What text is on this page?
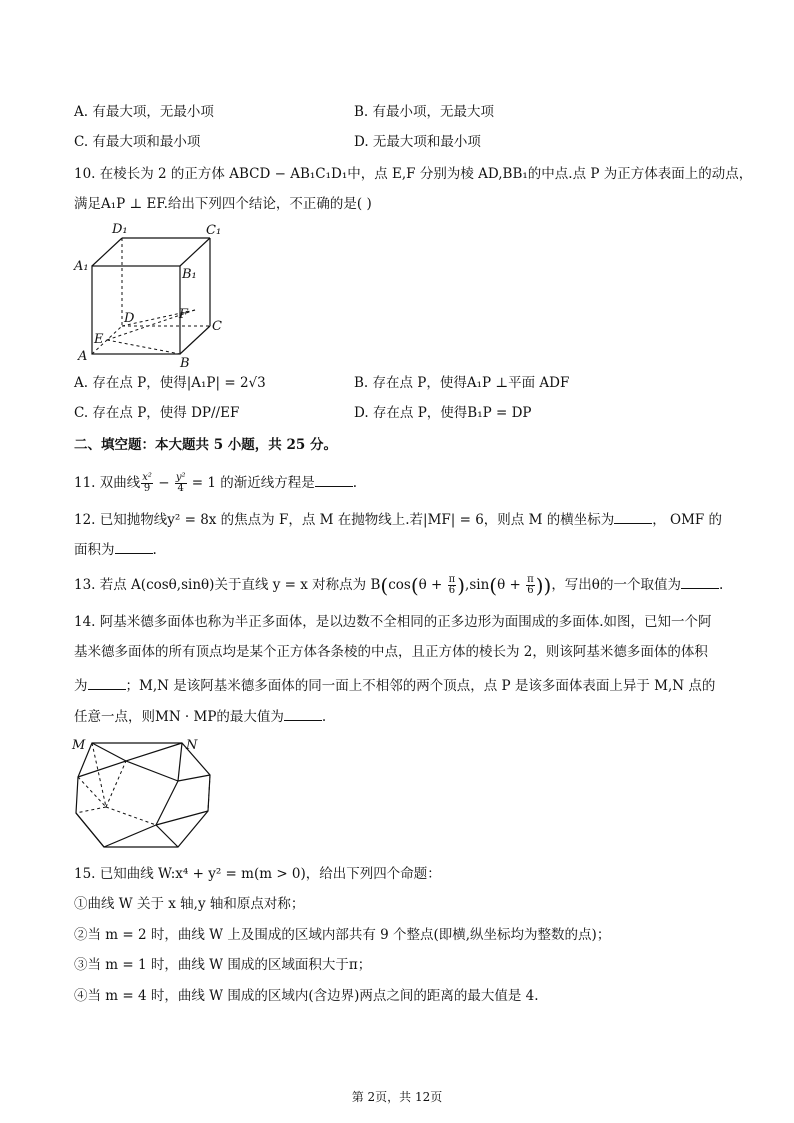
A. 有最大项，无最小项	B. 有最小项，无最大项
C. 有最大项和最小项	D. 无最大项和最小项
10. 在棱长为 2 的正方体 ABCD − AB₁C₁D₁中，点 E,F 分别为棱 AD,BB₁的中点.点 P 为正方体表面上的动点，
满足A₁P ⊥ EF.给出下列四个结论，不正确的是( )
D₁	C₁
A₁
B₁
D	F
C
E
A	B
A. 存在点 P，使得|A₁P| = 2√3	B. 存在点 P，使得A₁P ⊥平面 ADF
C. 存在点 P，使得 DP//EF	D. 存在点 P，使得B₁P = DP
二、填空题：本大题共 5 小题，共 25 分。
11. 双曲线 $\frac{\text{x²}}{9} - \frac{\text{y²}}{4} = 1$ 的渐近线方程是	.
12. 已知抛物线y² = 8x 的焦点为 F，点 M 在抛物线上.若|MF| = 6，则点 M 的横坐标为	， OMF 的
面积为	.
13. 若点 A(cosθ,sinθ)关于直线 y = x 对称点为 $B(\cos(\theta + \frac{\pi}{6} ),\sin(\theta + \frac{\pi}{6}$ ))，写出θ的一个取值为	.
14. 阿基米德多面体也称为半正多面体，是以边数不全相同的正多边形为面围成的多面体.如图，已知一个阿
基米德多面体的所有顶点均是某个正方体各条棱的中点，且正方体的棱长为 2，则该阿基米德多面体的体积
为	；M,N 是该阿基米德多面体的同一面上不相邻的两个顶点，点 P 是该多面体表面上异于 M,N 点的
任意一点，则MN · MP的最大值为	.
M	N
15. 已知曲线 W:x⁴ + y² = m(m > 0)，给出下列四个命题：
①曲线 W 关于 x 轴,y 轴和原点对称；
②当 m = 2 时，曲线 W 上及围成的区域内部共有 9 个整点(即横,纵坐标均为整数的点)；
③当 m = 1 时，曲线 W 围成的区域面积大于π；
④当 m = 4 时，曲线 W 围成的区域内(含边界)两点之间的距离的最大值是 4.
第 2页，共 12页
